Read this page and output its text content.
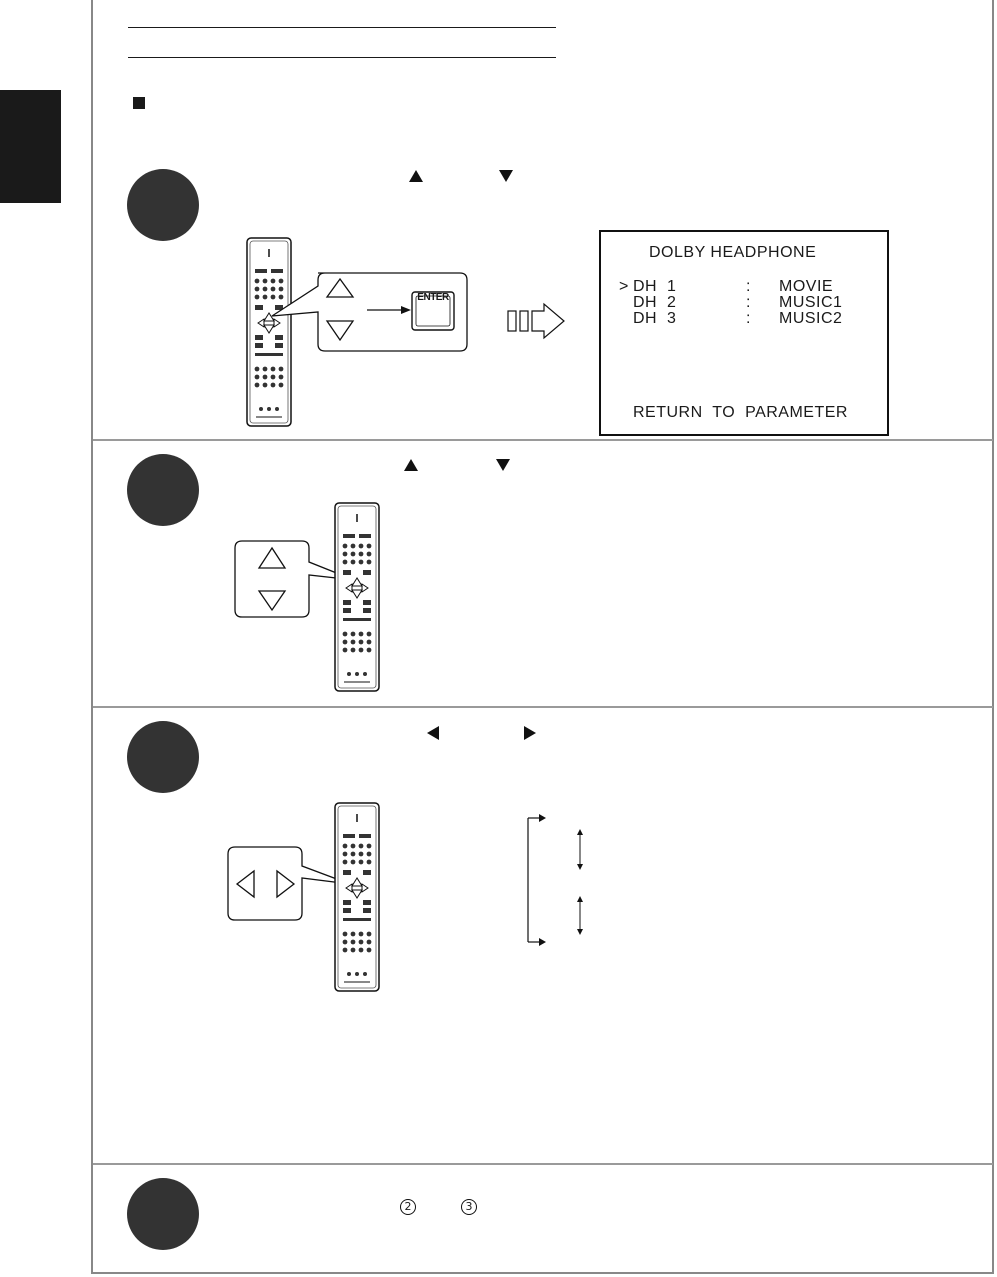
ENTER
DOLBY HEADPHONE
> DH  1	: MOVIE
DH  2	: MUSIC1
DH  3	: MUSIC2
RETURN  TO  PARAMETER
2	3
